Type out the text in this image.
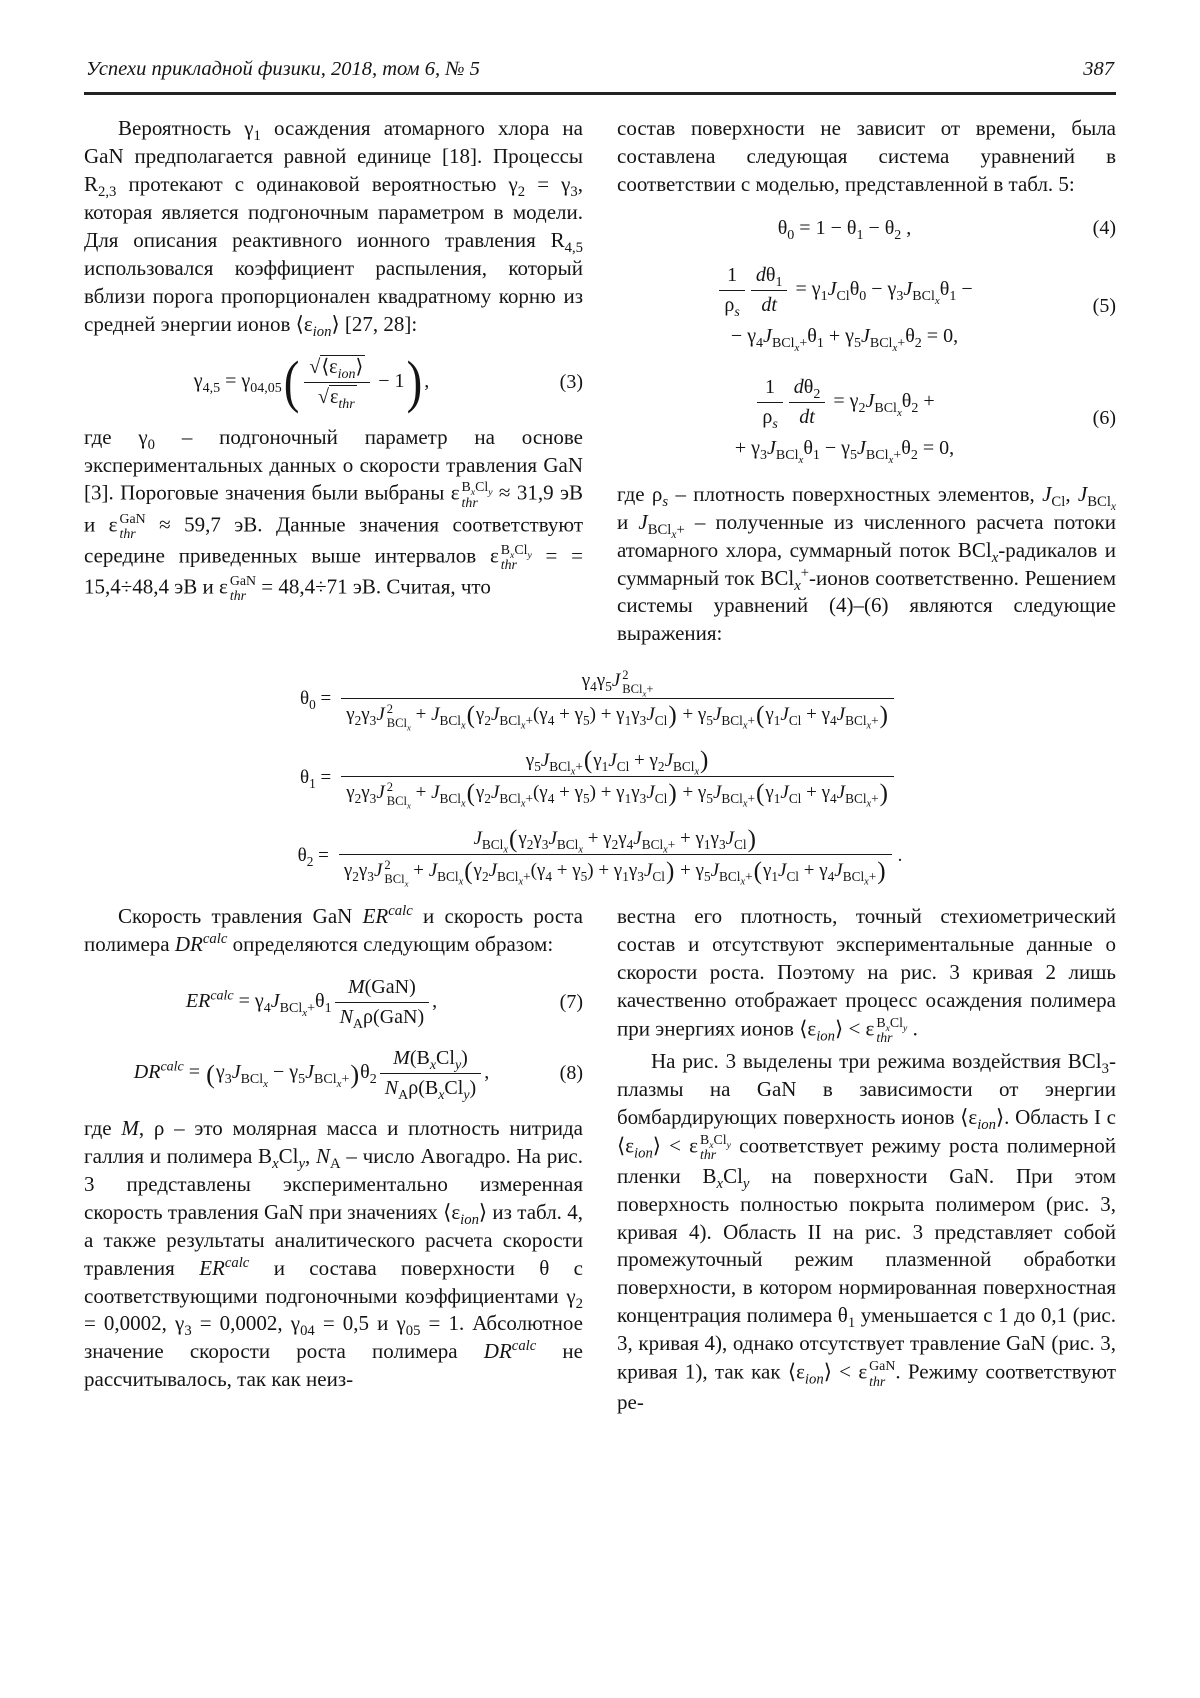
Успехи прикладной физики, 2018, том 6, № 5	387

Вероятность $\gamma_1$ осаждения атомарного хлора на GaN предполагается равной единице [18]. Процессы $R_{2,3}$ протекают с одинаковой вероятностью $\gamma_2 = \gamma_3$, которая является подгоночным параметром в модели. Для описания реактивного ионного травления $R_{4,5}$ использовался коэффициент распыления, который вблизи порога пропорционален квадратному корню из средней энергии ионов $⟨\varepsilon_{ion}⟩$ [27, 28]:

$\gamma_{4,5} = \gamma_{04,05}( \frac{√⟨\varepsilon_{ion}⟩}{√\varepsilon_{thr}} - 1)$ ,	(3)

где $\gamma_0$ – подгоночный параметр на основе экспериментальных данных о скорости травления GaN [3]. Пороговые значения были выбраны ε $B_xCl_y$
thr ≈ 31,9 эВ и ε GaN
thr ≈ 59,7 эВ. Данные значения соответствуют середине приведенных выше интервалов ε $B_xCl_y$
thr = = 15,4÷48,4 эВ и ε GaN
thr = 48,4÷71 эВ. Считая, что

состав поверхности не зависит от времени, была составлена следующая система уравнений в соответствии с моделью, представленной в табл. 5:

$\theta_0 = 1 - \theta_1 - \theta_2$ ,	(4)
$\frac{1}{\rho_s} \frac{d\theta_1}{dt} = \gamma_1J_{Cl}\theta_0 - \gamma_3J_{BCl_x}\theta_1$ −
− $\gamma_4J_{BCl_x+}\theta_1 + \gamma_5J_{BCl_x+}\theta_2 = 0$,
(5)
$\frac{1}{\rho_s} \frac{d\theta_2}{dt} = \gamma_2J_{BCl_x}\theta_2$ +
+ $\gamma_3J_{BCl_x}\theta_1 - \gamma_5J_{BCl_x+}\theta_2 = 0$,
(6)

где $\rho_s$ – плотность поверхностных элементов, $J_{Cl}$, $J_{BCl_x}$ и $J_{BCl_x+}$ – полученные из численного расчета потоки атомарного хлора, суммарный поток BCl$_x$-радикалов и суммарный ток BCl$_x$+-ионов соответственно. Решением системы уравнений (4)–(6) являются следующие выражения:

$\theta_0$ =
$\gamma_4\gamma_5J$ 2
BCl$_x$+
$\gamma_2\gamma_3J$ 2
BCl$_x$
+ $J_{BCl_x}(\gamma_2J_{BCl_x+}(\gamma_4 + \gamma_5) + \gamma_1\gamma_3J_{Cl}) + \gamma_5J_{BCl_x+}(\gamma_1J_{Cl} + \gamma_4J_{BCl_x+})$
$\theta_1$ =
$\gamma_5J_{BCl_x+}(\gamma_1J_{Cl} + \gamma_2J_{BCl_x})$
$\gamma_2\gamma_3J$ 2
BCl$_x$
+ $J_{BCl_x}(\gamma_2J_{BCl_x+}(\gamma_4 + \gamma_5) + \gamma_1\gamma_3J_{Cl}) + \gamma_5J_{BCl_x+}(\gamma_1J_{Cl} + \gamma_4J_{BCl_x+})$
$\theta_2$ =
$J_{BCl_x}(\gamma_2\gamma_3J_{BCl_x} + \gamma_2\gamma_4J_{BCl_x+} + \gamma_1\gamma_3J_{Cl})$
$\gamma_2\gamma_3J$ 2
BCl$_x$
+ $J_{BCl_x}(\gamma_2J_{BCl_x+}(\gamma_4 + \gamma_5) + \gamma_1\gamma_3J_{Cl}) + \gamma_5J_{BCl_x+}(\gamma_1J_{Cl} + \gamma_4J_{BCl_x+})$
.

Скорость травления GaN $ER^{calc}$ и скорость роста полимера $DR^{calc}$ определяются следующим образом:

$ER^{calc} = \gamma_4J_{BCl_x+}\theta_1 \frac{\text{M(GaN)}}{N_A\rho(GaN)}$ ,	(7)
$DR^{calc} = (\gamma_3J_{BCl_x} - \gamma_5J_{BCl_x+})\theta_2 \frac{M(B_xCl_y)}{N_A\rho(B_xCl_y)}$ ,	(8)

где M, ρ – это молярная масса и плотность нитрида галлия и полимера $B_xCl_y$, $N_A$ – число Авогадро. На рис. 3 представлены экспериментально измеренная скорость травления GaN при значениях $⟨\varepsilon_{ion}⟩$ из табл. 4, а также результаты аналитического расчета скорости травления $ER^{calc}$ и состава поверхности θ с соответствующими подгоночными коэффициентами $\gamma_2 = 0,0002$, $\gamma_3 = 0,0002$, $\gamma_{04} = 0,5$ и $\gamma_{05} = 1$. Абсолютное значение скорости роста полимера $DR^{calc}$ не рассчитывалось, так как неиз-

вестна его плотность, точный стехиометрический состав и отсутствуют экспериментальные данные о скорости роста. Поэтому на рис. 3 кривая 2 лишь качественно отображает процесс осаждения полимера при энергиях ионов $⟨\varepsilon_{ion}⟩ < \varepsilon$ $B_xCl_y$
thr .

На рис. 3 выделены три режима воздействия BCl$_3$-плазмы на GaN в зависимости от энергии бомбардирующих поверхность ионов $⟨\varepsilon_{ion}⟩$. Область I с $⟨\varepsilon_{ion}⟩ < \varepsilon$ $B_xCl_y$
thr соответствует режиму роста полимерной пленки $B_xCl_y$ на поверхности GaN. При этом поверхность полностью покрыта полимером (рис. 3, кривая 4). Область II на рис. 3 представляет собой промежуточный режим плазменной обработки поверхности, в котором нормированная поверхностная концентрация полимера $\theta_1$ уменьшается с 1 до 0,1 (рис. 3, кривая 4), однако отсутствует травление GaN (рис. 3, кривая 1), так как $⟨\varepsilon_{ion}⟩ < \varepsilon$ GaN
thr . Режиму соответствуют ре-
